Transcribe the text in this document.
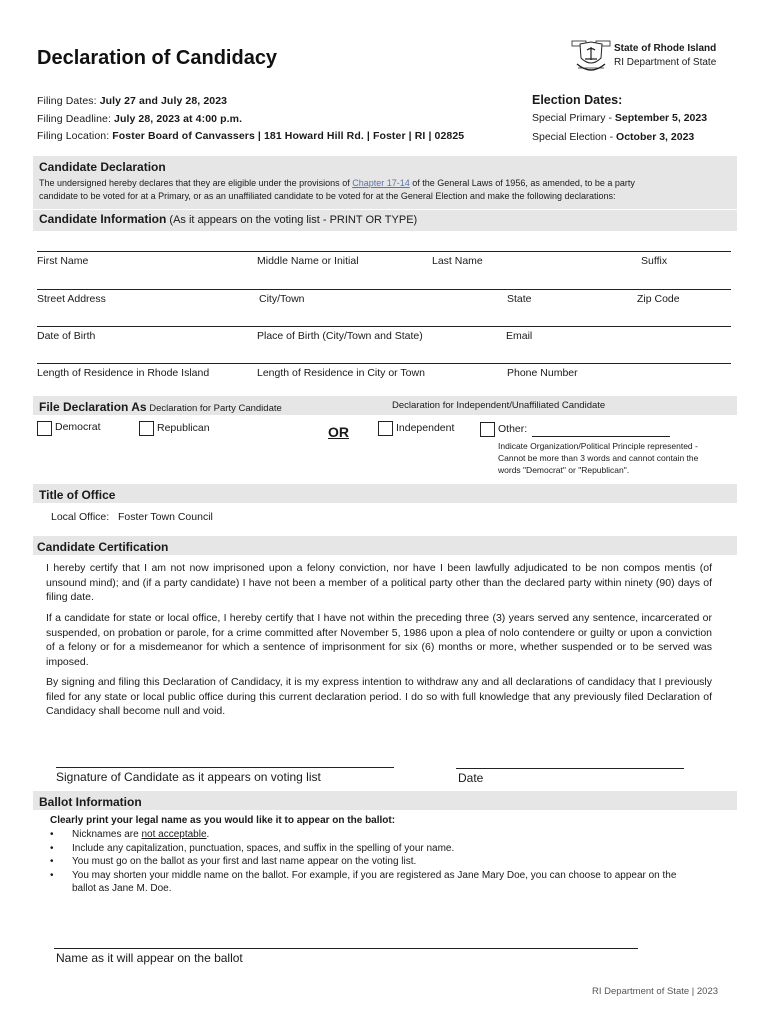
Declaration of Candidacy	State of Rhode Island
RI Department of State
Filing Dates: July 27 and July 28, 2023
Filing Deadline: July 28, 2023 at 4:00 p.m.
Filing Location: Foster Board of Canvassers | 181 Howard Hill Rd. | Foster | RI | 02825
Election Dates:
Special Primary - September 5, 2023
Special Election - October 3, 2023
Candidate Declaration
The undersigned hereby declares that they are eligible under the provisions of Chapter 17-14 of the General Laws of 1956, as amended, to be a party
candidate to be voted for at a Primary, or as an unaffiliated candidate to be voted for at the General Election and make the following declarations:
Candidate Information (As it appears on the voting list - PRINT OR TYPE)
First Name	Middle Name or Initial	Last Name	Suffix
Street Address	City/Town	State	Zip Code
Date of Birth	Place of Birth (City/Town and State)	Email
Length of Residence in Rhode Island	Length of Residence in City or Town	Phone Number
File Declaration As Declaration for Party Candidate	Declaration for Independent/Unaffiliated Candidate
Democrat	Republican	OR	Independent	Other:
Indicate Organization/Political Principle represented -
Cannot be more than 3 words and cannot contain the
words "Democrat" or "Republican".
Title of Office
Local Office: Foster Town Council
Candidate Certification
I hereby certify that I am not now imprisoned upon a felony conviction, nor have I been lawfully adjudicated to be non compos mentis (of unsound mind); and (if a party candidate) I have not been a member of a political party other than the declared party within ninety (90) days of filing date.
If a candidate for state or local office, I hereby certify that I have not within the preceding three (3) years served any sentence, incarcerated or suspended, on probation or parole, for a crime committed after November 5, 1986 upon a plea of nolo contendere or guilty or upon a conviction of a felony or for a misdemeanor for which a sentence of imprisonment for six (6) months or more, whether suspended or to be served was imposed.
By signing and filing this Declaration of Candidacy, it is my express intention to withdraw any and all declarations of candidacy that I previously filed for any state or local public office during this current declaration period. I do so with full knowledge that any previously filed Declaration of Candidacy shall become null and void.
Signature of Candidate as it appears on voting list	Date
Ballot Information
Clearly print your legal name as you would like it to appear on the ballot:
• Nicknames are not acceptable.
• Include any capitalization, punctuation, spaces, and suffix in the spelling of your name.
• You must go on the ballot as your first and last name appear on the voting list.
• You may shorten your middle name on the ballot. For example, if you are registered as Jane Mary Doe, you can choose to appear on the ballot as Jane M. Doe.
Name as it will appear on the ballot
RI Department of State | 2023
